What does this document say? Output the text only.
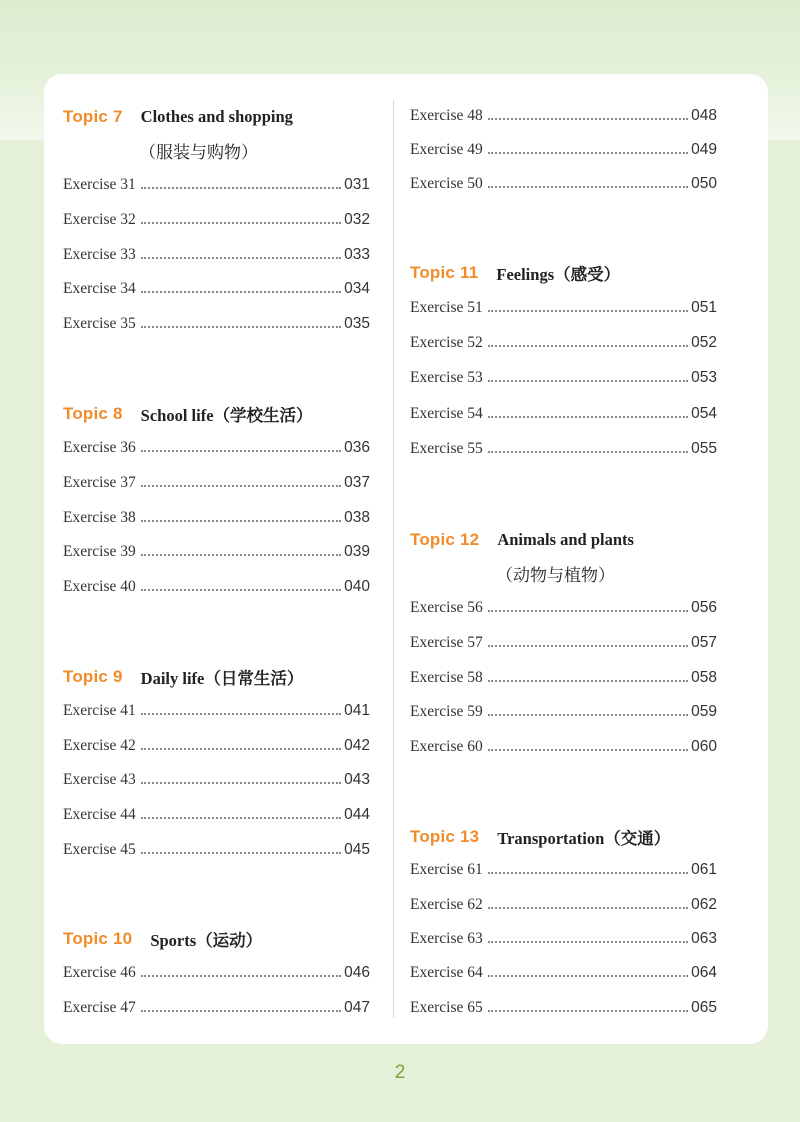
Topic 7 Clothes and shopping
（服装与购物）
Exercise 31	031
Exercise 32	032
Exercise 33	033
Exercise 34	034
Exercise 35	035
Topic 8 School life（学校生活）
Exercise 36	036
Exercise 37	037
Exercise 38	038
Exercise 39	039
Exercise 40	040
Topic 9 Daily life（日常生活）
Exercise 41	041
Exercise 42	042
Exercise 43	043
Exercise 44	044
Exercise 45	045
Topic 10 Sports（运动）
Exercise 46	046
Exercise 47	047
Exercise 48	048
Exercise 49	049
Exercise 50	050
Topic 11 Feelings（感受）
Exercise 51	051
Exercise 52	052
Exercise 53	053
Exercise 54	054
Exercise 55	055
Topic 12 Animals and plants
（动物与植物）
Exercise 56	056
Exercise 57	057
Exercise 58	058
Exercise 59	059
Exercise 60	060
Topic 13 Transportation（交通）
Exercise 61	061
Exercise 62	062
Exercise 63	063
Exercise 64	064
Exercise 65	065
2
